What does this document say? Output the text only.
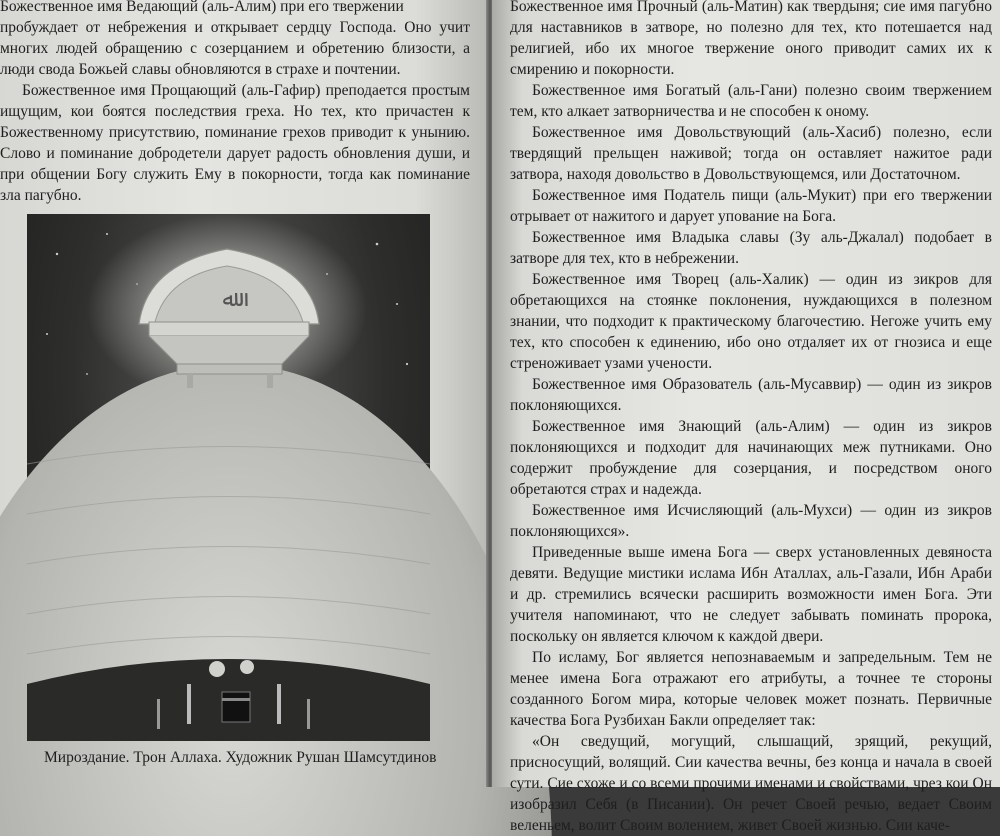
Божественное имя Ведающий (аль-Алим) при его твержении

пробуждает от небрежения и открывает сердцу Господа. Оно учит многих людей обращению с созерцанием и обретению близости, а люди свода Божьей славы обновляются в страхе и почтении.

Божественное имя Прощающий (аль-Гафир) преподается простым ищущим, кои боятся последствия греха. Но тех, кто причастен к Божественному присутствию, поминание грехов приводит к унынию. Слово и поминание добродетели дарует радость обновления души, и при общении Богу служить Ему в покорности, тогда как поминание зла пагубно.

ﷲ
Мироздание. Трон Аллаха. Художник Рушан Шамсутдинов

Божественное имя Прочный (аль-Матин) как твердыня; сие имя пагубно для наставников в затворе, но полезно для тех, кто потешается над религией, ибо их многое твержение оного приводит самих их к смирению и покорности.

Божественное имя Богатый (аль-Гани) полезно своим твержением тем, кто алкает затворничества и не способен к оному.

Божественное имя Довольствующий (аль-Хасиб) полезно, если твердящий прельщен наживой; тогда он оставляет нажитое ради затвора, находя довольство в Довольствующемся, или Достаточном.

Божественное имя Податель пищи (аль-Мукит) при его твержении отрывает от нажитого и дарует упование на Бога.

Божественное имя Владыка славы (Зу аль-Джалал) подобает в затворе для тех, кто в небрежении.

Божественное имя Творец (аль-Халик) — один из зикров для обретающихся на стоянке поклонения, нуждающихся в полезном знании, что подходит к практическому благочестию. Негоже учить ему тех, кто способен к единению, ибо оно отдаляет их от гнозиса и еще стреноживает узами учености.

Божественное имя Образователь (аль-Мусаввир) — один из зикров поклоняющихся.

Божественное имя Знающий (аль-Алим) — один из зикров поклоняющихся и подходит для начинающих меж путниками. Оно содержит пробуждение для созерцания, и посредством оного обретаются страх и надежда.

Божественное имя Исчисляющий (аль-Мухси) — один из зикров поклоняющихся».

Приведенные выше имена Бога — сверх установленных девяноста девяти. Ведущие мистики ислама Ибн Аталлах, аль-Газали, Ибн Араби и др. стремились всячески расширить возможности имен Бога. Эти учителя напоминают, что не следует забывать поминать пророка, поскольку он является ключом к каждой двери.

По исламу, Бог является непознаваемым и запредельным. Тем не менее имена Бога отражают его атрибуты, а точнее те стороны созданного Богом мира, которые человек может познать. Первичные качества Бога Рузбихан Бакли определяет так:

«Он сведущий, могущий, слышащий, зрящий, рекущий, присносущий, волящий. Сии качества вечны, без конца и начала в своей сути. Сие схоже и со всеми прочими именами и свойствами, чрез кои Он изобразил Себя (в Писании). Он речет Своей речью, ведает Своим веленьем, волит Своим волением, живет Своей жизнью. Сии каче-
